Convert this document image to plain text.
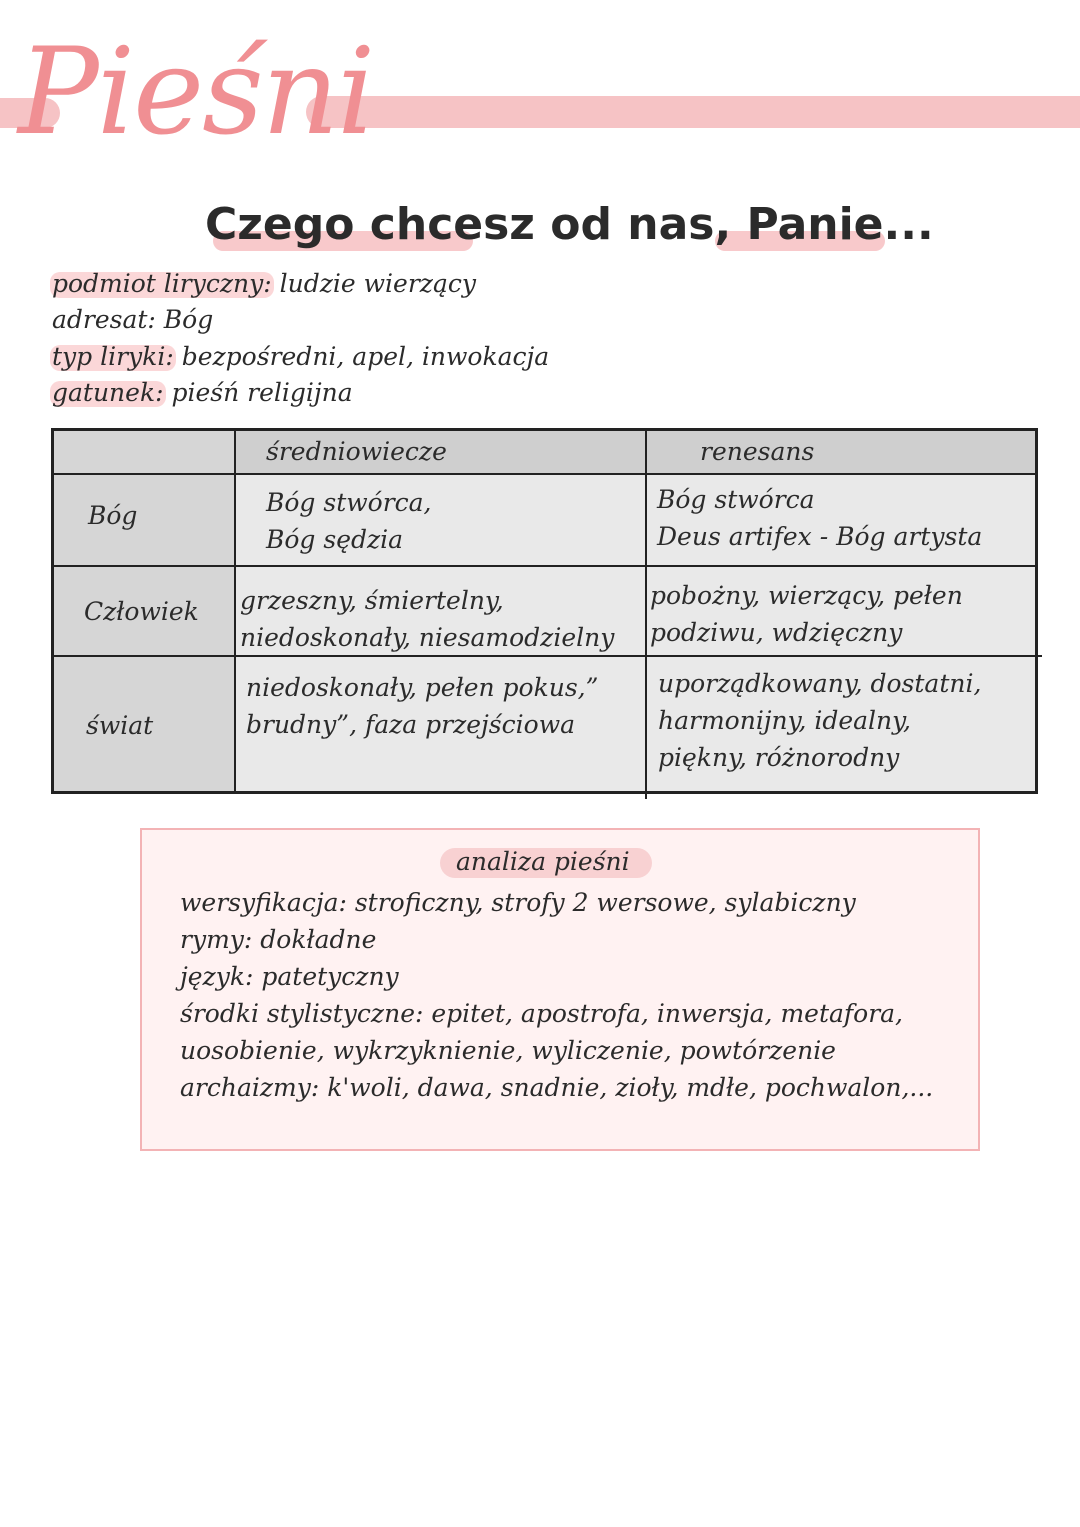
Pieśni
Czego chcesz od nas, Panie...
podmiot liryczny: ludzie wierzący
adresat: Bóg
typ liryki: bezpośredni, apel, inwokacja
gatunek: pieśń religijna
średniowiecze	renesans
Bóg	Bóg stwórca,
Bóg sędzia
Bóg stwórca
Deus artifex - Bóg artysta
Człowiek grzeszny, śmiertelny,
niedoskonały, niesamodzielny
pobożny, wierzący, pełen
podziwu, wdzięczny
świat
niedoskonały, pełen pokus,”
brudny”, faza przejściowa
uporządkowany, dostatni,
harmonijny, idealny,
piękny, różnorodny
analiza pieśni
wersyfikacja: stroficzny, strofy 2 wersowe, sylabiczny
rymy: dokładne
język: patetyczny
środki stylistyczne: epitet, apostrofa, inwersja, metafora,
uosobienie, wykrzyknienie, wyliczenie, powtórzenie
archaizmy: k'woli, dawa, snadnie, zioły, mdłe, pochwalon,...
